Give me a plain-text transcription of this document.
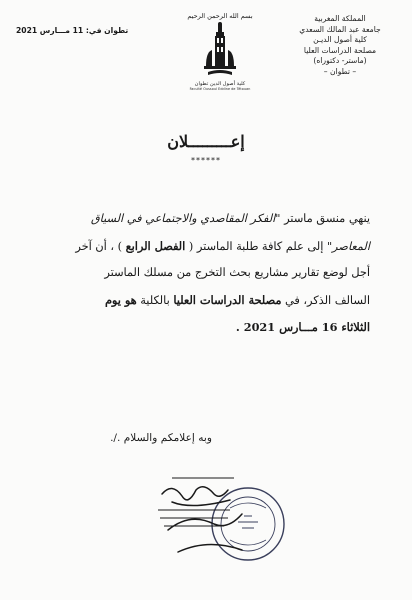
المملكة المغربية
جامعة عبد المالك السعدي
كلية أصول الديـن
مصلحة الدراسات العليا
(ماستر- دكتوراه)
– تطوان –
بسم الله الرحمن الرحيم
كلية أصول الدين تطوان
Faculté Oussoul Eddine de Tétouan
تطوان في: 11 مـــارس 2021
إعـــــــــلان
******
ينهي منسق ماستر "الفكر المقاصدي والاجتماعي في السياق
المعاصر" إلى علم كافة طلبة الماستر ( الفصل الرابع ) ، أن آخر
أجل لوضع تقارير مشاريع بحث التخرج من مسلك الماستر
السالف الذكر، في مصلحة الدراسات العليا بالكلية هو يوم
الثلاثاء 16 مـــارس 2021 .
وبه إعلامكم والسلام ./.
